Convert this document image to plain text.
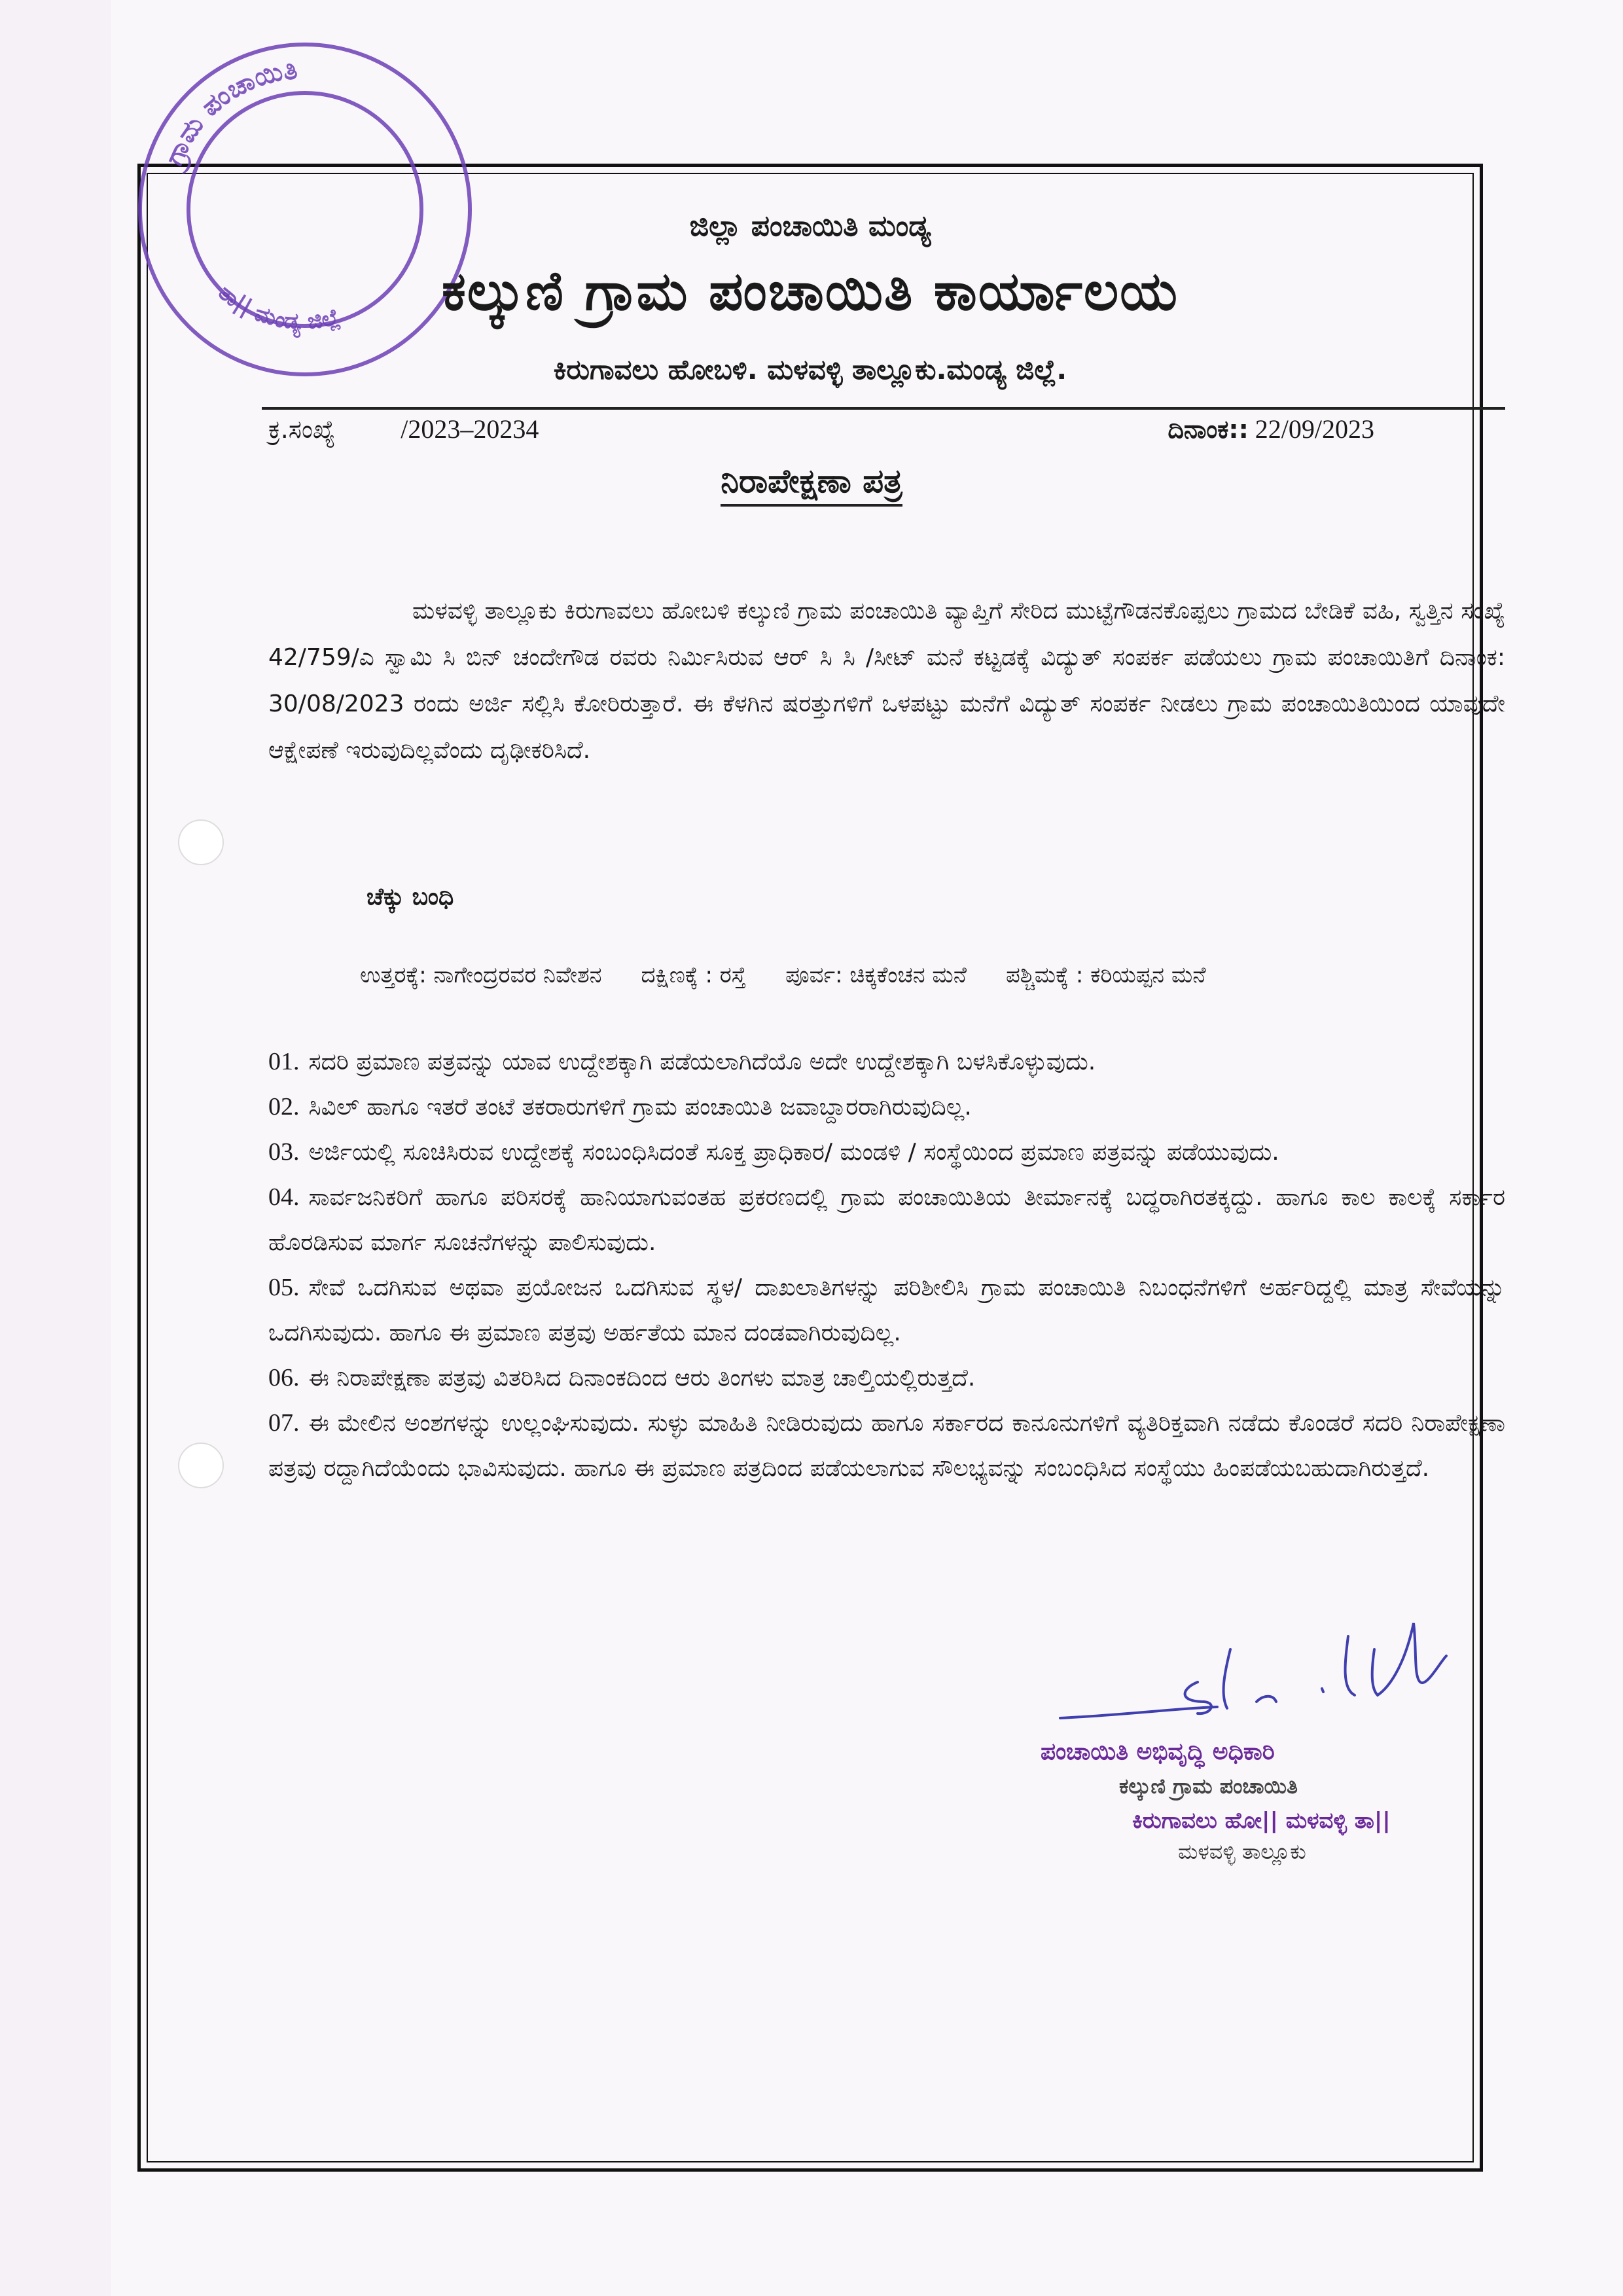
ಗ್ರಾಮ ಪಂಚಾಯಿತಿ
ತಾ|| ಮಂಡ್ಯ ಜಿಲ್ಲೆ
ಜಿಲ್ಲಾ ಪಂಚಾಯಿತಿ ಮಂಡ್ಯ
ಕಲ್ಕುಣಿ ಗ್ರಾಮ ಪಂಚಾಯಿತಿ ಕಾರ್ಯಾಲಯ
ಕಿರುಗಾವಲು ಹೋಬಳಿ. ಮಳವಳ್ಳಿ ತಾಲ್ಲೂಕು.ಮಂಡ್ಯ ಜಿಲ್ಲೆ.
ಕ್ರ.ಸಂಖ್ಯೆ	/2023–20234	ದಿನಾಂಕ:: 22/09/2023
ನಿರಾಪೇಕ್ಷಣಾ ಪತ್ರ
ಮಳವಳ್ಳಿ ತಾಲ್ಲೂಕು ಕಿರುಗಾವಲು ಹೋಬಳಿ ಕಲ್ಕುಣಿ ಗ್ರಾಮ ಪಂಚಾಯಿತಿ ವ್ಯಾಪ್ತಿಗೆ ಸೇರಿದ ಮುಟ್ಟೆಗೌಡನಕೊಪ್ಪಲು ಗ್ರಾಮದ ಬೇಡಿಕೆ ವಹಿ, ಸ್ವತ್ತಿನ ಸಂಖ್ಯೆ 42/759/ಎ ಸ್ವಾಮಿ ಸಿ ಬಿನ್ ಚಂದೇಗೌಡ ರವರು ನಿರ್ಮಿಸಿರುವ ಆರ್ ಸಿ ಸಿ /ಸೀಟ್ ಮನೆ ಕಟ್ಟಡಕ್ಕೆ ವಿದ್ಯುತ್ ಸಂಪರ್ಕ ಪಡೆಯಲು ಗ್ರಾಮ ಪಂಚಾಯಿತಿಗೆ ದಿನಾಂಕ: 30/08/2023 ರಂದು ಅರ್ಜಿ ಸಲ್ಲಿಸಿ ಕೋರಿರುತ್ತಾರೆ. ಈ ಕೆಳಗಿನ ಷರತ್ತುಗಳಿಗೆ ಒಳಪಟ್ಟು ಮನೆಗೆ ವಿದ್ಯುತ್ ಸಂಪರ್ಕ ನೀಡಲು ಗ್ರಾಮ ಪಂಚಾಯಿತಿಯಿಂದ ಯಾವುದೇ ಆಕ್ಷೇಪಣೆ ಇರುವುದಿಲ್ಲವೆಂದು ದೃಢೀಕರಿಸಿದೆ.
ಚೆಕ್ಕು ಬಂಧಿ
ಉತ್ತರಕ್ಕೆ: ನಾಗೇಂದ್ರರವರ ನಿವೇಶನ ದಕ್ಷಿಣಕ್ಕೆ : ರಸ್ತೆ ಪೂರ್ವ: ಚಿಕ್ಕಕೆಂಚನ ಮನೆ ಪಶ್ಚಿಮಕ್ಕೆ : ಕರಿಯಪ್ಪನ ಮನೆ

01. ಸದರಿ ಪ್ರಮಾಣ ಪತ್ರವನ್ನು ಯಾವ ಉದ್ದೇಶಕ್ಕಾಗಿ ಪಡೆಯಲಾಗಿದೆಯೊ ಅದೇ ಉದ್ದೇಶಕ್ಕಾಗಿ ಬಳಸಿಕೊಳ್ಳುವುದು.

02. ಸಿವಿಲ್ ಹಾಗೂ ಇತರೆ ತಂಟೆ ತಕರಾರುಗಳಿಗೆ ಗ್ರಾಮ ಪಂಚಾಯಿತಿ ಜವಾಬ್ದಾರರಾಗಿರುವುದಿಲ್ಲ.

03. ಅರ್ಜಿಯಲ್ಲಿ ಸೂಚಿಸಿರುವ ಉದ್ದೇಶಕ್ಕೆ ಸಂಬಂಧಿಸಿದಂತೆ ಸೂಕ್ತ ಪ್ರಾಧಿಕಾರ/ ಮಂಡಳಿ / ಸಂಸ್ಥೆಯಿಂದ ಪ್ರಮಾಣ ಪತ್ರವನ್ನು ಪಡೆಯುವುದು.

04. ಸಾರ್ವಜನಿಕರಿಗೆ ಹಾಗೂ ಪರಿಸರಕ್ಕೆ ಹಾನಿಯಾಗುವಂತಹ ಪ್ರಕರಣದಲ್ಲಿ ಗ್ರಾಮ ಪಂಚಾಯಿತಿಯ ತೀರ್ಮಾನಕ್ಕೆ ಬದ್ಧರಾಗಿರತಕ್ಕದ್ದು. ಹಾಗೂ ಕಾಲ ಕಾಲಕ್ಕೆ ಸರ್ಕಾರ ಹೊರಡಿಸುವ ಮಾರ್ಗ ಸೂಚನೆಗಳನ್ನು ಪಾಲಿಸುವುದು.

05. ಸೇವೆ ಒದಗಿಸುವ ಅಥವಾ ಪ್ರಯೋಜನ ಒದಗಿಸುವ ಸ್ಥಳ/ ದಾಖಲಾತಿಗಳನ್ನು ಪರಿಶೀಲಿಸಿ ಗ್ರಾಮ ಪಂಚಾಯಿತಿ ನಿಬಂಧನೆಗಳಿಗೆ ಅರ್ಹರಿದ್ದಲ್ಲಿ ಮಾತ್ರ ಸೇವೆಯನ್ನು ಒದಗಿಸುವುದು. ಹಾಗೂ ಈ ಪ್ರಮಾಣ ಪತ್ರವು ಅರ್ಹತೆಯ ಮಾನ ದಂಡವಾಗಿರುವುದಿಲ್ಲ.

06. ಈ ನಿರಾಪೇಕ್ಷಣಾ ಪತ್ರವು ವಿತರಿಸಿದ ದಿನಾಂಕದಿಂದ ಆರು ತಿಂಗಳು ಮಾತ್ರ ಚಾಲ್ತಿಯಲ್ಲಿರುತ್ತದೆ.

07. ಈ ಮೇಲಿನ ಅಂಶಗಳನ್ನು ಉಲ್ಲಂಘಿಸುವುದು. ಸುಳ್ಳು ಮಾಹಿತಿ ನೀಡಿರುವುದು ಹಾಗೂ ಸರ್ಕಾರದ ಕಾನೂನುಗಳಿಗೆ ವ್ಯತಿರಿಕ್ತವಾಗಿ ನಡೆದು ಕೊಂಡರೆ ಸದರಿ ನಿರಾಪೇಕ್ಷಣಾ ಪತ್ರವು ರದ್ದಾಗಿದೆಯೆಂದು ಭಾವಿಸುವುದು. ಹಾಗೂ ಈ ಪ್ರಮಾಣ ಪತ್ರದಿಂದ ಪಡೆಯಲಾಗುವ ಸೌಲಭ್ಯವನ್ನು ಸಂಬಂಧಿಸಿದ ಸಂಸ್ಥೆಯು ಹಿಂಪಡೆಯಬಹುದಾಗಿರುತ್ತದೆ.

ಪಂಚಾಯಿತಿ ಅಭಿವೃದ್ಧಿ ಅಧಿಕಾರಿ
ಕಲ್ಕುಣಿ ಗ್ರಾಮ ಪಂಚಾಯಿತಿ
ಕಿರುಗಾವಲು ಹೋ|| ಮಳವಳ್ಳಿ ತಾ||
ಮಳವಳ್ಳಿ ತಾಲ್ಲೂಕು
